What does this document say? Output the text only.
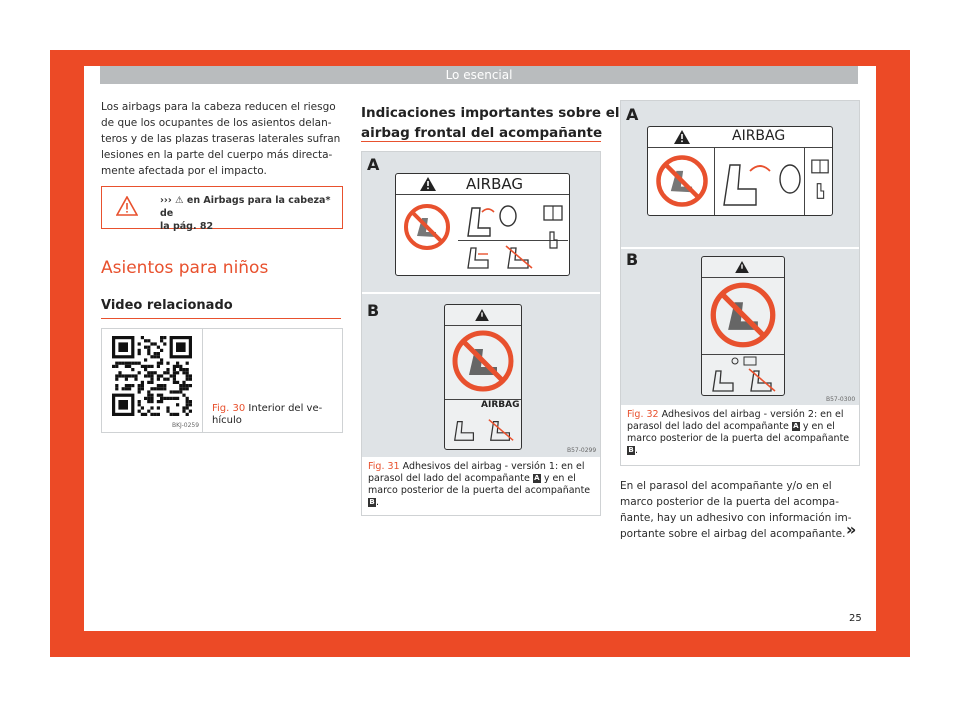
Lo esencial
Los airbags para la cabeza reducen el riesgo
de que los ocupantes de los asientos delan-
teros y de las plazas traseras laterales sufran
lesiones en la parte del cuerpo más directa-
mente afectada por el impacto.
››› ⚠ en Airbags para la cabeza* de
la pág. 82
Asientos para niños
Video relacionado
BKJ-0259
Fig. 30 Interior del ve-
hículo
Indicaciones importantes sobre el
airbag frontal del acompañante
A
B
AIRBAG
AIRBAG
B57-0299
Fig. 31 Adhesivos del airbag - versión 1: en el
parasol del lado del acompañante A y en el
marco posterior de la puerta del acompañante
B.
A
B
AIRBAG
B57-0300
Fig. 32 Adhesivos del airbag - versión 2: en el
parasol del lado del acompañante A y en el
marco posterior de la puerta del acompañante
B.
En el parasol del acompañante y/o en el
marco posterior de la puerta del acompa-
ñante, hay un adhesivo con información im-
portante sobre el airbag del acompañante. »
25
